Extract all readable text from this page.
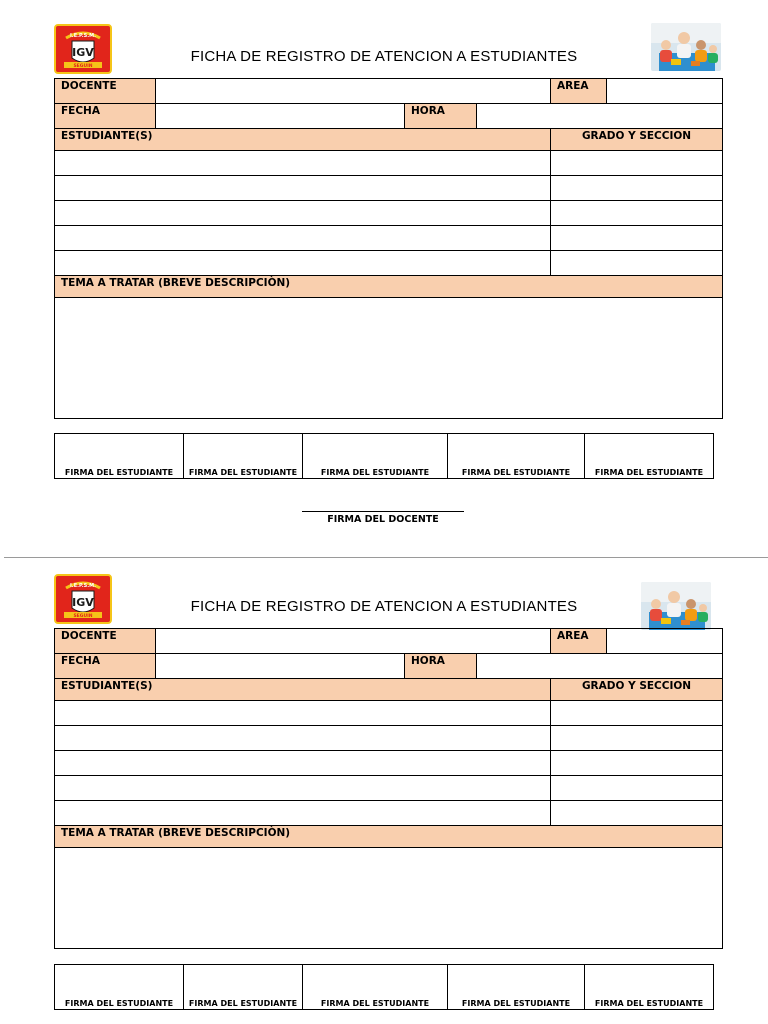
I.E.P.S.M.
IGV
SEGUIN
FICHA DE REGISTRO DE ATENCION A ESTUDIANTES
DOCENTE				AREA	
FECHA		HORA			
ESTUDIANTE(S)				GRADO Y SECCION	

TEMA A TRATAR (BREVE DESCRIPCIÒN)					

FIRMA DEL ESTUDIANTE	FIRMA DEL ESTUDIANTE	FIRMA DEL ESTUDIANTE	FIRMA DEL ESTUDIANTE	FIRMA DEL ESTUDIANTE
FIRMA DEL DOCENTE
I.E.P.S.M.
IGV
SEGUIN
FICHA DE REGISTRO DE ATENCION A ESTUDIANTES
DOCENTE				AREA	
FECHA		HORA			
ESTUDIANTE(S)				GRADO Y SECCION	

TEMA A TRATAR (BREVE DESCRIPCIÒN)					

FIRMA DEL ESTUDIANTE	FIRMA DEL ESTUDIANTE	FIRMA DEL ESTUDIANTE	FIRMA DEL ESTUDIANTE	FIRMA DEL ESTUDIANTE
